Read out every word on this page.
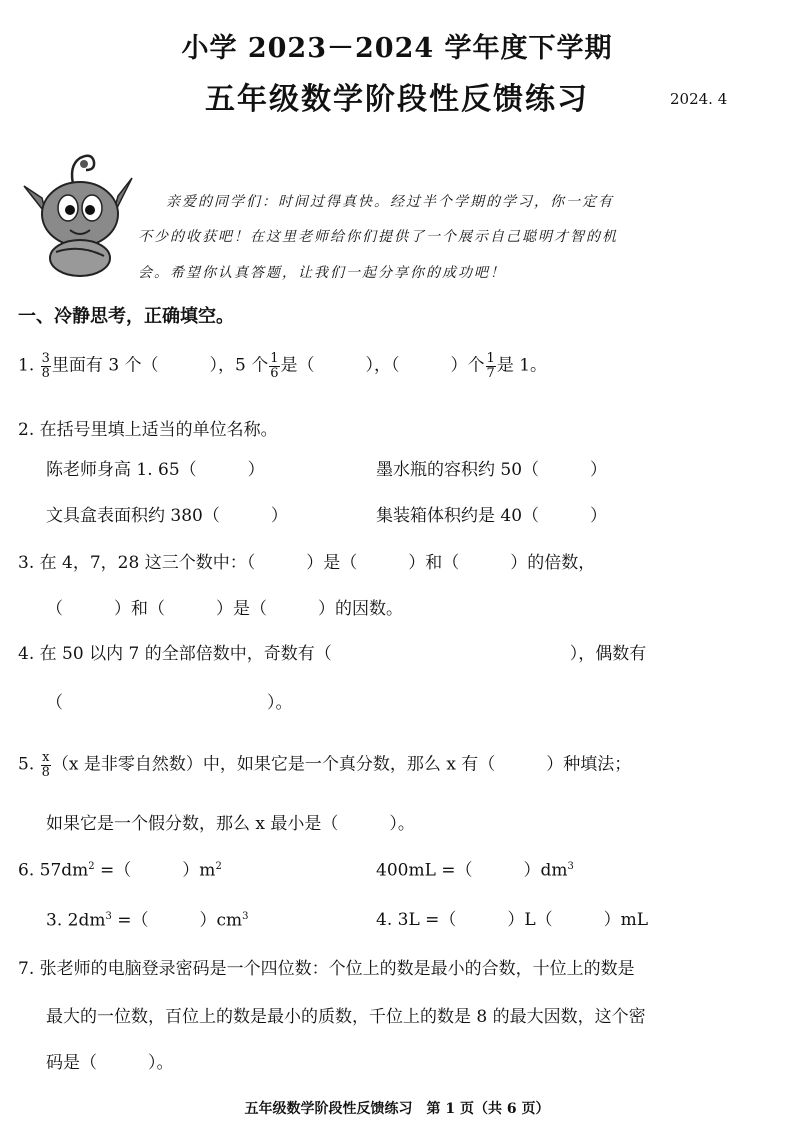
小学 2023－2024 学年度下学期
五年级数学阶段性反馈练习	2024. 4
亲爱的同学们：时间过得真快。经过半个学期的学习，你一定有
不少的收获吧！在这里老师给你们提供了一个展示自己聪明才智的机
会。希望你认真答题，让我们一起分享你的成功吧！
一、冷静思考，正确填空。
1. $\frac{3}{8}$ 里面有 3 个（　　　），5 个 $\frac{1}{6}$ 是（　　　），（　　　）个 $\frac{1}{7}$ 是 1。
2. 在括号里填上适当的单位名称。
陈老师身高 1. 65（　　　）	墨水瓶的容积约 50（　　　）
文具盒表面积约 380（　　　）	集装箱体积约是 40（　　　）
3. 在 4，7，28 这三个数中：（　　　）是（　　　）和（　　　）的倍数，
（　　　）和（　　　）是（　　　）的因数。
4. 在 50 以内 7 的全部倍数中，奇数有（　　　　　　　　　　　　　　），偶数有
（　　　　　　　　　　　　）。
5. $\frac{x}{8} (x$ 是非零自然数）中，如果它是一个真分数，那么 x 有（　　　）种填法；
如果它是一个假分数，那么 x 最小是（　　　）。
6. $57dm^2$ =（　　　）$m^2$	400mL =（　　　）$dm^3$
3. $2dm^3$ =（　　　）$cm^3$	4. 3L =（　　　）L（　　　）mL
7. 张老师的电脑登录密码是一个四位数：个位上的数是最小的合数，十位上的数是
最大的一位数，百位上的数是最小的质数，千位上的数是 8 的最大因数，这个密
码是（　　　）。
五年级数学阶段性反馈练习　第 1 页（共 6 页）
